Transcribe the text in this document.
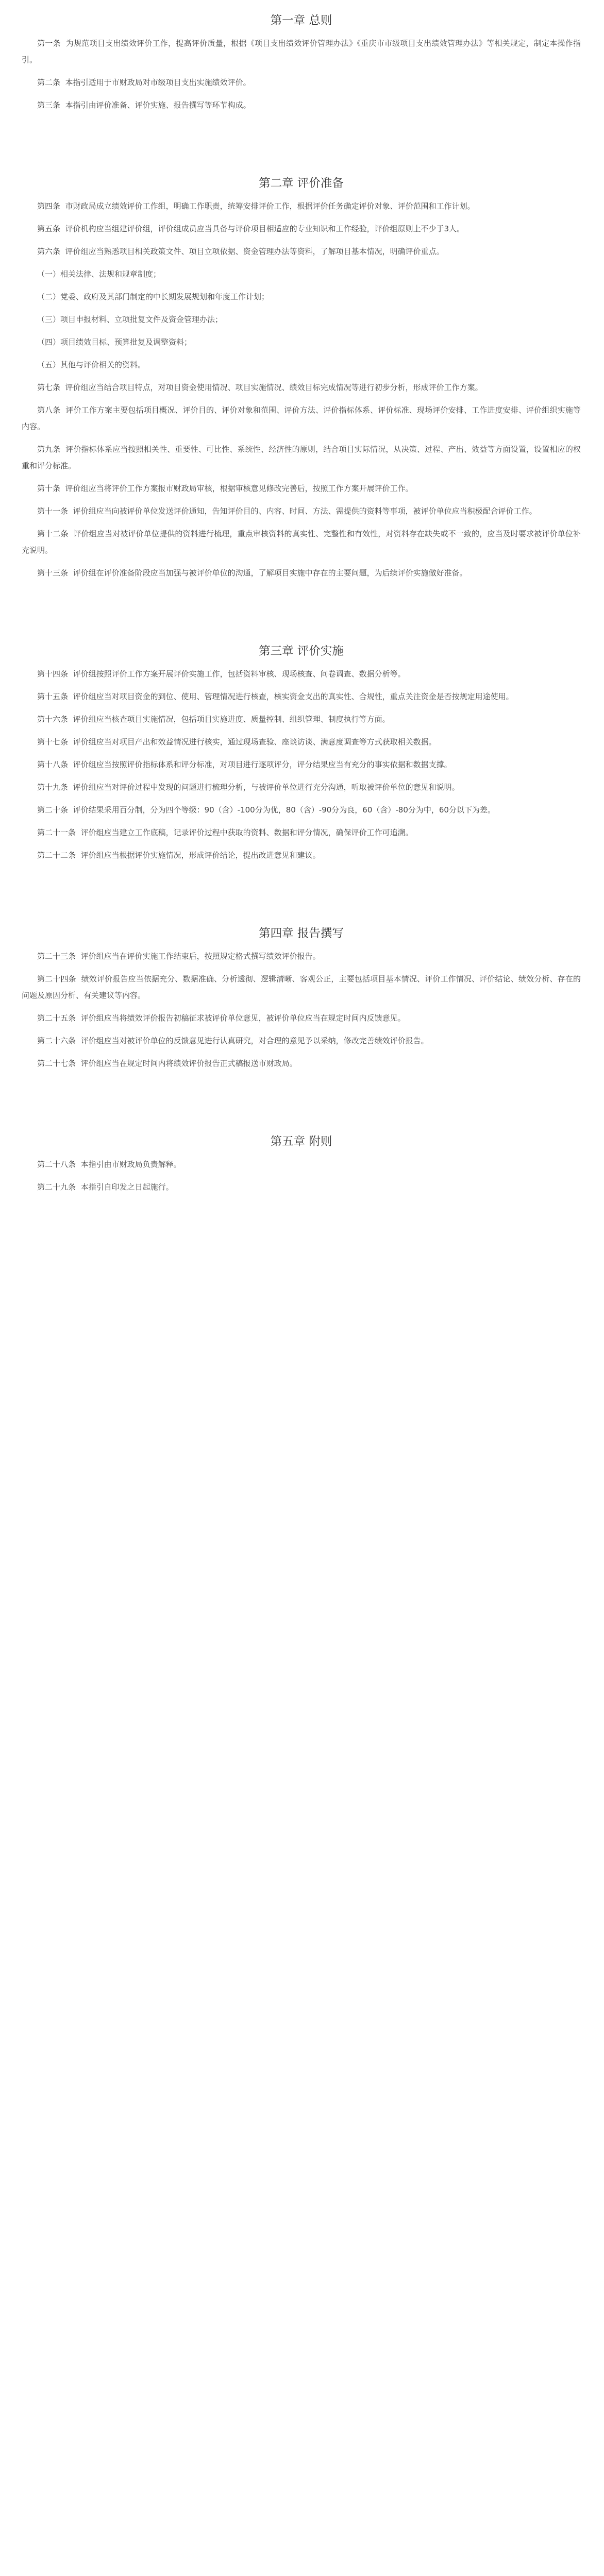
第一章 总则

第一条 为规范项目支出绩效评价工作，提高评价质量，根据《项目支出绩效评价管理办法》《重庆市市级项目支出绩效管理办法》等相关规定，制定本操作指引。

第二条 本指引适用于市财政局对市级项目支出实施绩效评价。

第三条 本指引由评价准备、评价实施、报告撰写等环节构成。

第二章 评价准备

第四条 市财政局成立绩效评价工作组，明确工作职责，统筹安排评价工作，根据评价任务确定评价对象、评价范围和工作计划。

第五条 评价机构应当组建评价组，评价组成员应当具备与评价项目相适应的专业知识和工作经验，评价组原则上不少于3人。

第六条 评价组应当熟悉项目相关政策文件、项目立项依据、资金管理办法等资料，了解项目基本情况，明确评价重点。

（一）相关法律、法规和规章制度；

（二）党委、政府及其部门制定的中长期发展规划和年度工作计划；

（三）项目申报材料、立项批复文件及资金管理办法；

（四）项目绩效目标、预算批复及调整资料；

（五）其他与评价相关的资料。

第七条 评价组应当结合项目特点，对项目资金使用情况、项目实施情况、绩效目标完成情况等进行初步分析，形成评价工作方案。

第八条 评价工作方案主要包括项目概况、评价目的、评价对象和范围、评价方法、评价指标体系、评价标准、现场评价安排、工作进度安排、评价组织实施等内容。

第九条 评价指标体系应当按照相关性、重要性、可比性、系统性、经济性的原则，结合项目实际情况，从决策、过程、产出、效益等方面设置，设置相应的权重和评分标准。

第十条 评价组应当将评价工作方案报市财政局审核，根据审核意见修改完善后，按照工作方案开展评价工作。

第十一条 评价组应当向被评价单位发送评价通知，告知评价目的、内容、时间、方法、需提供的资料等事项，被评价单位应当积极配合评价工作。

第十二条 评价组应当对被评价单位提供的资料进行梳理，重点审核资料的真实性、完整性和有效性，对资料存在缺失或不一致的，应当及时要求被评价单位补充说明。

第十三条 评价组在评价准备阶段应当加强与被评价单位的沟通，了解项目实施中存在的主要问题，为后续评价实施做好准备。

第三章 评价实施

第十四条 评价组按照评价工作方案开展评价实施工作，包括资料审核、现场核查、问卷调查、数据分析等。

第十五条 评价组应当对项目资金的到位、使用、管理情况进行核查，核实资金支出的真实性、合规性，重点关注资金是否按规定用途使用。

第十六条 评价组应当核查项目实施情况，包括项目实施进度、质量控制、组织管理、制度执行等方面。

第十七条 评价组应当对项目产出和效益情况进行核实，通过现场查验、座谈访谈、满意度调查等方式获取相关数据。

第十八条 评价组应当按照评价指标体系和评分标准，对项目进行逐项评分，评分结果应当有充分的事实依据和数据支撑。

第十九条 评价组应当对评价过程中发现的问题进行梳理分析，与被评价单位进行充分沟通，听取被评价单位的意见和说明。

第二十条 评价结果采用百分制，分为四个等级：90（含）-100分为优，80（含）-90分为良，60（含）-80分为中，60分以下为差。

第二十一条 评价组应当建立工作底稿，记录评价过程中获取的资料、数据和评分情况，确保评价工作可追溯。

第二十二条 评价组应当根据评价实施情况，形成评价结论，提出改进意见和建议。

第四章 报告撰写

第二十三条 评价组应当在评价实施工作结束后，按照规定格式撰写绩效评价报告。

第二十四条 绩效评价报告应当依据充分、数据准确、分析透彻、逻辑清晰、客观公正，主要包括项目基本情况、评价工作情况、评价结论、绩效分析、存在的问题及原因分析、有关建议等内容。

第二十五条 评价组应当将绩效评价报告初稿征求被评价单位意见，被评价单位应当在规定时间内反馈意见。

第二十六条 评价组应当对被评价单位的反馈意见进行认真研究，对合理的意见予以采纳，修改完善绩效评价报告。

第二十七条 评价组应当在规定时间内将绩效评价报告正式稿报送市财政局。

第五章 附则

第二十八条 本指引由市财政局负责解释。

第二十九条 本指引自印发之日起施行。
